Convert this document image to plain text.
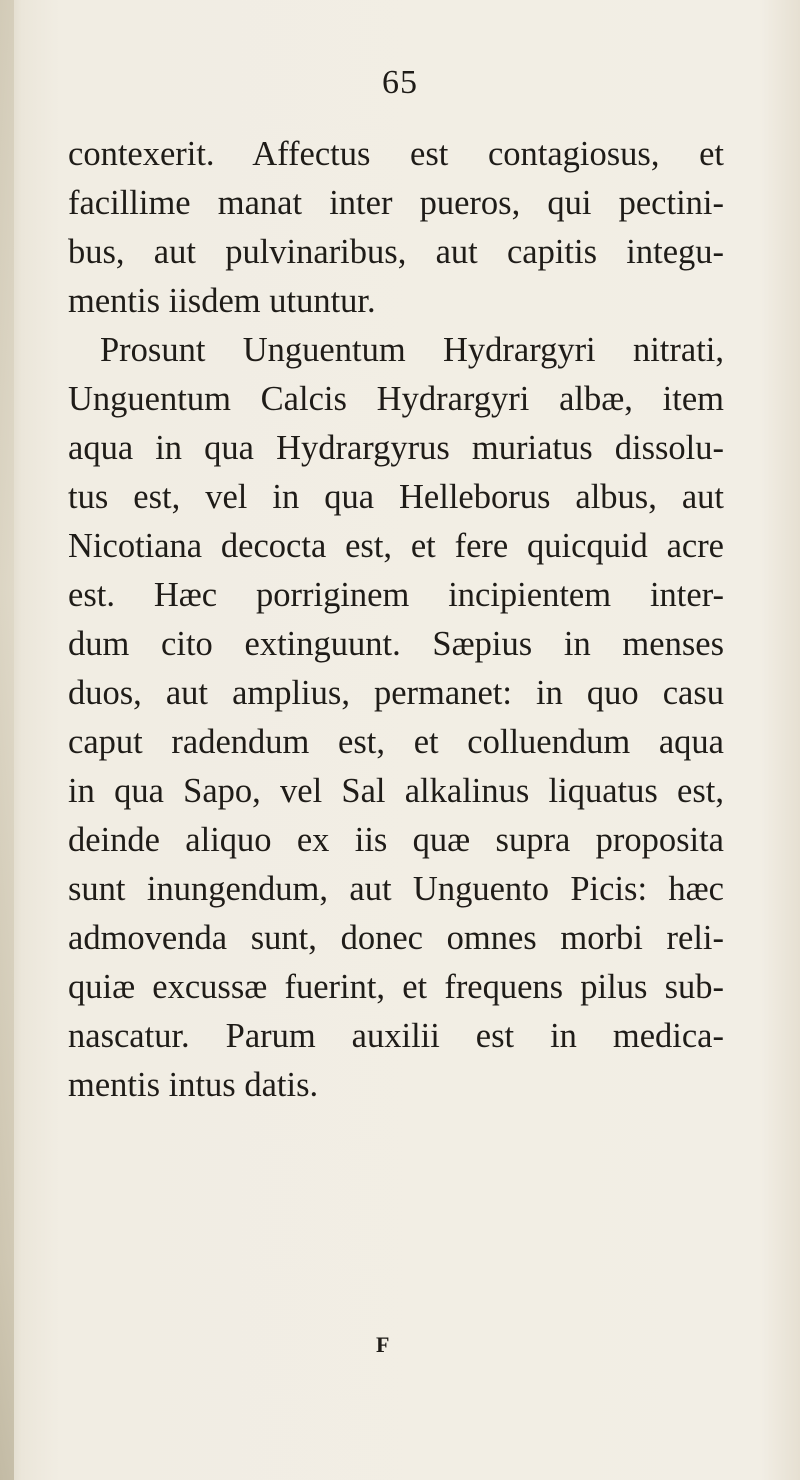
65
contexerit. Affectus est contagiosus, et
facillime manat inter pueros, qui pectini-
bus, aut pulvinaribus, aut capitis integu-
mentis iisdem utuntur.
Prosunt Unguentum Hydrargyri nitrati,
Unguentum Calcis Hydrargyri albæ, item
aqua in qua Hydrargyrus muriatus dissolu-
tus est, vel in qua Helleborus albus, aut
Nicotiana decocta est, et fere quicquid acre
est. Hæc porriginem incipientem inter-
dum cito extinguunt. Sæpius in menses
duos, aut amplius, permanet: in quo casu
caput radendum est, et colluendum aqua
in qua Sapo, vel Sal alkalinus liquatus est,
deinde aliquo ex iis quæ supra proposita
sunt inungendum, aut Unguento Picis: hæc
admovenda sunt, donec omnes morbi reli-
quiæ excussæ fuerint, et frequens pilus sub-
nascatur. Parum auxilii est in medica-
mentis intus datis.
F
